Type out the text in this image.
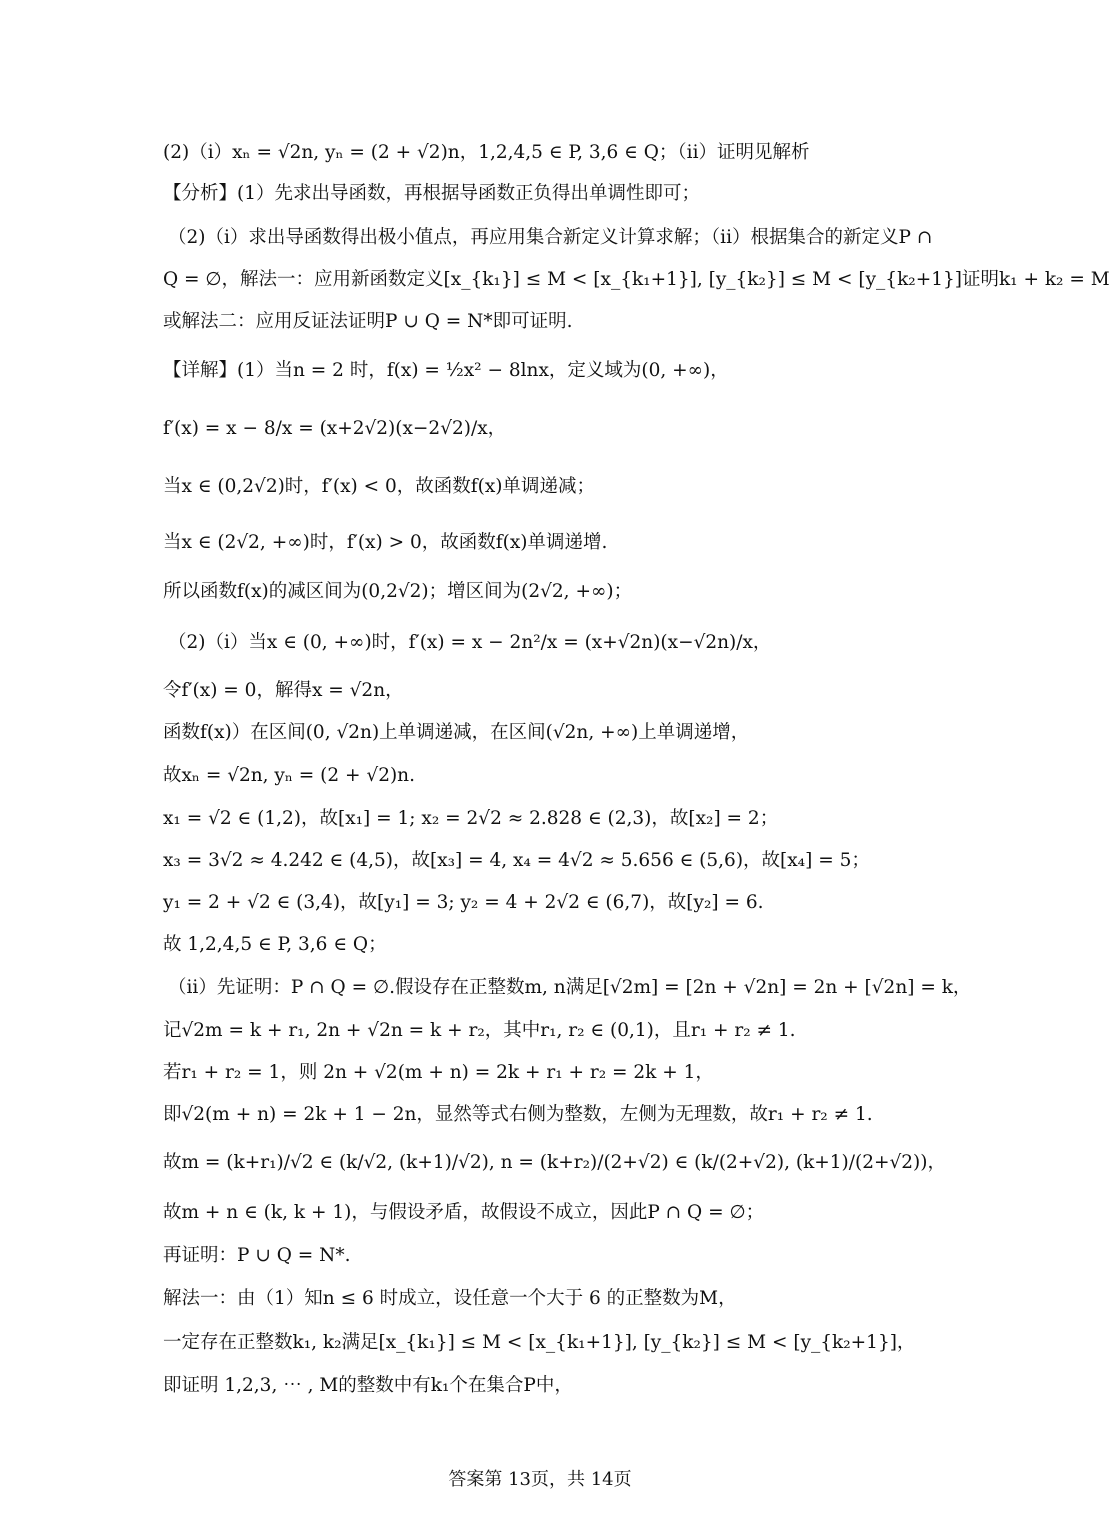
(2)（i）xₙ = √2n, yₙ = (2 + √2)n，1,2,4,5 ∈ P, 3,6 ∈ Q；（ii）证明见解析
【分析】(1）先求出导函数，再根据导函数正负得出单调性即可；
（2)（i）求出导函数得出极小值点，再应用集合新定义计算求解；（ii）根据集合的新定义P ∩
Q = ∅，解法一：应用新函数定义[x_{k₁}] ≤ M < [x_{k₁+1}], [y_{k₂}] ≤ M < [y_{k₂+1}]证明k₁ + k₂ = M
或解法二：应用反证法证明P ∪ Q = N*即可证明.
【详解】(1）当n = 2 时，f(x) = ½x² − 8lnx，定义域为(0, +∞)，
f′(x) = x − 8/x = (x+2√2)(x−2√2)/x，
当x ∈ (0,2√2)时，f′(x) < 0，故函数f(x)单调递减；
当x ∈ (2√2, +∞)时，f′(x) > 0，故函数f(x)单调递增.
所以函数f(x)的减区间为(0,2√2)；增区间为(2√2, +∞)；
（2)（i）当x ∈ (0, +∞)时，f′(x) = x − 2n²/x = (x+√2n)(x−√2n)/x，
令f′(x) = 0，解得x = √2n，
函数f(x)）在区间(0, √2n)上单调递减，在区间(√2n, +∞)上单调递增，
故xₙ = √2n, yₙ = (2 + √2)n.
x₁ = √2 ∈ (1,2)，故[x₁] = 1; x₂ = 2√2 ≈ 2.828 ∈ (2,3)，故[x₂] = 2；
x₃ = 3√2 ≈ 4.242 ∈ (4,5)，故[x₃] = 4, x₄ = 4√2 ≈ 5.656 ∈ (5,6)，故[x₄] = 5；
y₁ = 2 + √2 ∈ (3,4)，故[y₁] = 3; y₂ = 4 + 2√2 ∈ (6,7)，故[y₂] = 6.
故 1,2,4,5 ∈ P, 3,6 ∈ Q；
（ii）先证明：P ∩ Q = ∅.假设存在正整数m, n满足[√2m] = [2n + √2n] = 2n + [√2n] = k，
记√2m = k + r₁, 2n + √2n = k + r₂，其中r₁, r₂ ∈ (0,1)，且r₁ + r₂ ≠ 1.
若r₁ + r₂ = 1，则 2n + √2(m + n) = 2k + r₁ + r₂ = 2k + 1，
即√2(m + n) = 2k + 1 − 2n，显然等式右侧为整数，左侧为无理数，故r₁ + r₂ ≠ 1.
故m = (k+r₁)/√2 ∈ (k/√2, (k+1)/√2), n = (k+r₂)/(2+√2) ∈ (k/(2+√2), (k+1)/(2+√2))，
故m + n ∈ (k, k + 1)，与假设矛盾，故假设不成立，因此P ∩ Q = ∅；
再证明：P ∪ Q = N*.
解法一：由（1）知n ≤ 6 时成立，设任意一个大于 6 的正整数为M，
一定存在正整数k₁, k₂满足[x_{k₁}] ≤ M < [x_{k₁+1}], [y_{k₂}] ≤ M < [y_{k₂+1}]，
即证明 1,2,3, ⋯ , M的整数中有k₁个在集合P中，
答案第 13页，共 14页
